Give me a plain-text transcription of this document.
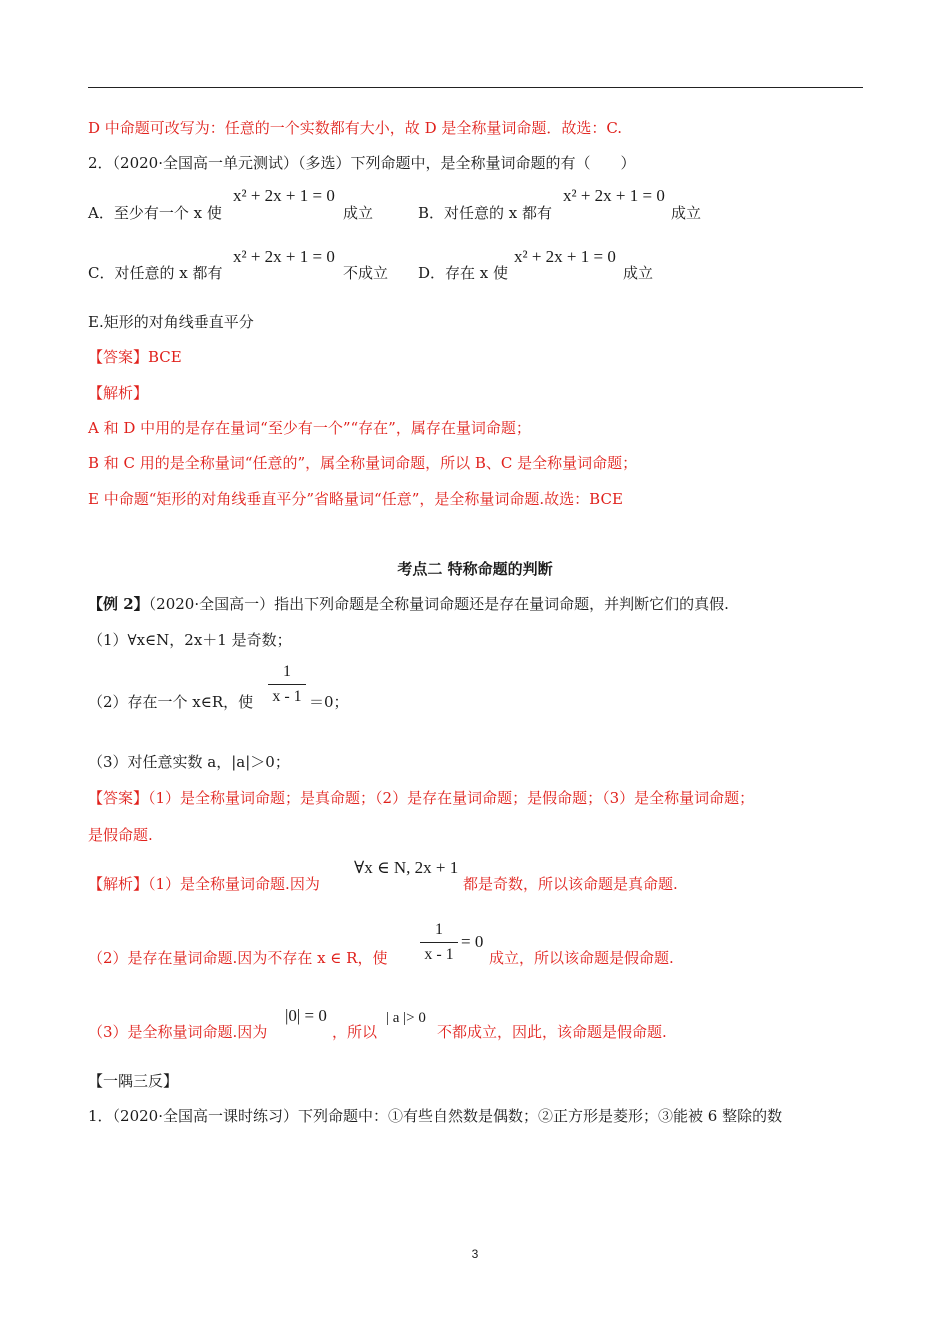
D 中命题可改写为：任意的一个实数都有大小，故 D 是全称量词命题．故选：C.
2．（2020·全国高一单元测试）（多选）下列命题中，是全称量词命题的有（　　）
A．至少有一个 x 使
x² + 2x + 1 = 0
成立	B．对任意的 x 都有
x² + 2x + 1 = 0
成立
C．对任意的 x 都有
x² + 2x + 1 = 0
不成立 D．存在 x 使
x² + 2x + 1 = 0
成立
E.矩形的对角线垂直平分
【答案】BCE
【解析】
A 和 D 中用的是存在量词“至少有一个”“存在”，属存在量词命题；
B 和 C 用的是全称量词“任意的”，属全称量词命题，所以 B、C 是全称量词命题；
E 中命题“矩形的对角线垂直平分”省略量词“任意”，是全称量词命题.故选：BCE
考点二 特称命题的判断
【例 2】（2020·全国高一）指出下列命题是全称量词命题还是存在量词命题，并判断它们的真假.
（1）∀x∈N，2x＋1 是奇数；
（2）存在一个 x∈R，使
1
x - 1 ＝0；
（3）对任意实数 a，|a|＞0；
【答案】（1）是全称量词命题；是真命题；（2）是存在量词命题；是假命题；（3）是全称量词命题；
是假命题.
【解析】（1）是全称量词命题.因为
∀x ∈ N, 2x + 1
都是奇数，所以该命题是真命题.
（2）是存在量词命题.因为不存在 x ∈ R，使
1
x - 1
= 0
成立，所以该命题是假命题.
（3）是全称量词命题.因为
|0| = 0
，所以
| a |> 0
不都成立，因此，该命题是假命题.
【一隅三反】
1．（2020·全国高一课时练习）下列命题中：①有些自然数是偶数；②正方形是菱形；③能被 6 整除的数
3
